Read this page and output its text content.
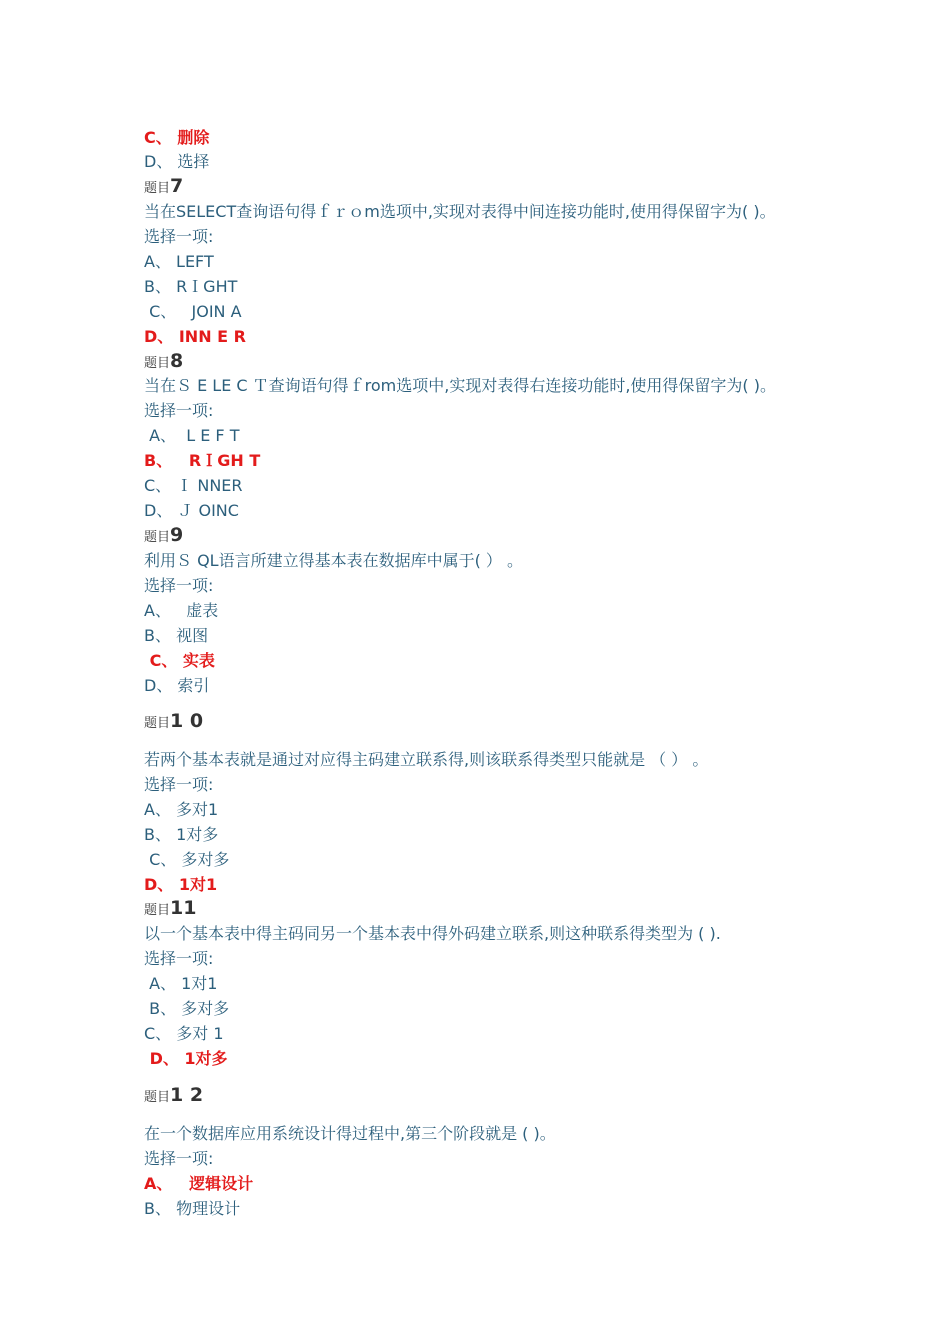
C、 删除
D、 选择
题目7
当在SELECT查询语句得ｆｒｏm选项中,实现对表得中间连接功能时,使用得保留字为( )。
选择一项:
A、 LEFT
B、 RＩGHT
C、   JOIN A
D、 INN E R
题目8
当在Ｓ E LE C Ｔ查询语句得ｆrom选项中,实现对表得右连接功能时,使用得保留字为( )。
选择一项:
A、  L E F T
B、   RＩGH T
C、 Ｉ NNER
D、 Ｊ OINC
题目9
利用Ｓ QL语言所建立得基本表在数据库中属于( ） 。
选择一项:
A、   虚表
B、 视图
C、 实表
D、 索引
题目1 0
若两个基本表就是通过对应得主码建立联系得,则该联系得类型只能就是 （ ） 。
选择一项:
A、 多对1
B、 1对多
C、 多对多
D、 1对1
题目11
以一个基本表中得主码同另一个基本表中得外码建立联系,则这种联系得类型为 ( ).
选择一项:
A、 1对1
B、 多对多
C、 多对 1
D、 1对多
题目1 2
在一个数据库应用系统设计得过程中,第三个阶段就是 ( )。
选择一项:
A、   逻辑设计
B、 物理设计
